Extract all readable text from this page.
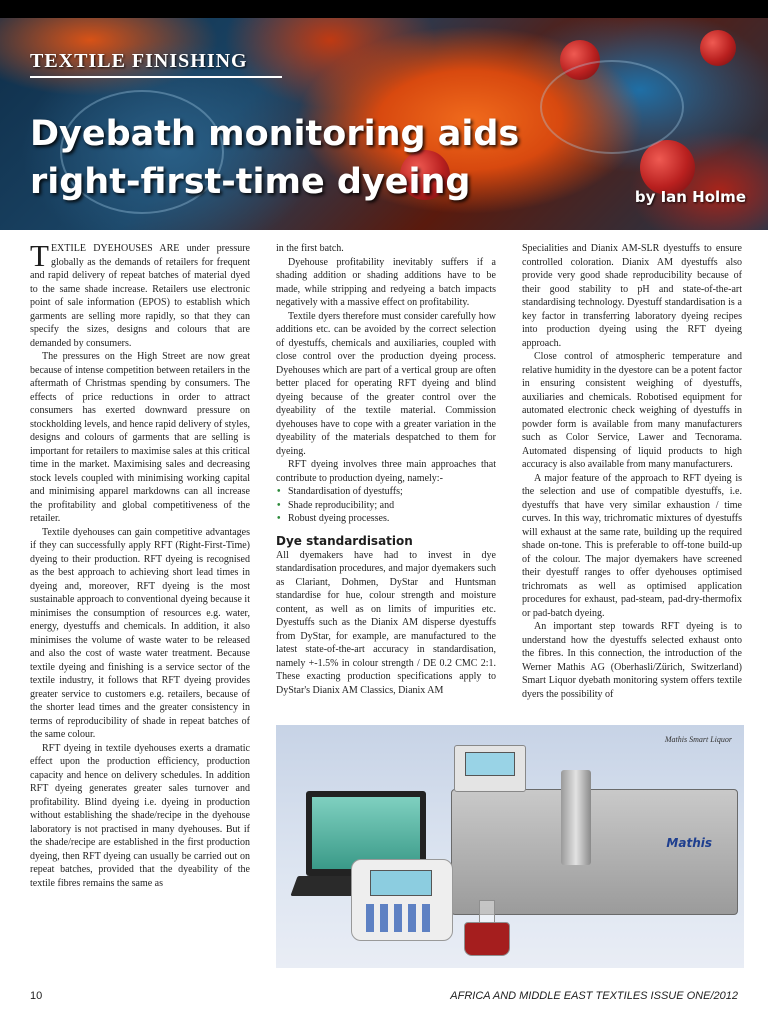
TEXTILE FINISHING
Dyebath monitoring aids
right-first-time dyeing	by Ian Holme

TEXTILE DYEHOUSES ARE under pressure globally as the demands of retailers for frequent and rapid delivery of repeat batches of material dyed to the same shade increase. Retailers use electronic point of sale information (EPOS) to establish which garments are selling more rapidly, so that they can specify the sizes, designs and colours that are demanded by consumers.

The pressures on the High Street are now great because of intense competition between retailers in the aftermath of Christmas spending by consumers. The effects of price reductions in order to attract consumers has exerted downward pressure on stockholding levels, and hence rapid delivery of styles, designs and colours of garments that are selling is important for retailers to maximise sales at this critical time in the market. Maximising sales and decreasing stock levels coupled with minimising working capital and minimising apparel markdowns can all increase the profitability and global competitiveness of the retailer.

Textile dyehouses can gain competitive advantages if they can successfully apply RFT (Right-First-Time) dyeing to their production. RFT dyeing is recognised as the best approach to achieving short lead times in dyeing and, moreover, RFT dyeing is the most sustainable approach to conventional dyeing because it minimises the consumption of resources e.g. water, energy, dyestuffs and chemicals. In addition, it also minimises the volume of waste water to be released and also the cost of waste water treatment. Because textile dyeing and finishing is a service sector of the textile industry, it follows that RFT dyeing provides greater service to customers e.g. retailers, because of the shorter lead times and the greater consistency in terms of reproducibility of shade in repeat batches of the same colour.

RFT dyeing in textile dyehouses exerts a dramatic effect upon the production efficiency, production capacity and hence on delivery schedules. In addition RFT dyeing generates greater sales turnover and profitability. Blind dyeing i.e. dyeing in production without establishing the shade/recipe in the dyehouse laboratory is not practised in many dyehouses. But if the shade/recipe are established in the first production dyeing, then RFT dyeing can usually be carried out on repeat batches, provided that the dyeability of the textile fibres remains the same as

in the first batch.

Dyehouse profitability inevitably suffers if a shading addition or shading additions have to be made, while stripping and redyeing a batch impacts negatively with a massive effect on profitability.

Textile dyers therefore must consider carefully how additions etc. can be avoided by the correct selection of dyestuffs, chemicals and auxiliaries, coupled with close control over the production dyeing process. Dyehouses which are part of a vertical group are often better placed for operating RFT dyeing and blind dyeing because of the greater control over the dyeability of the textile material. Commission dyehouses have to cope with a greater variation in the dyeability of the materials despatched to them for dyeing.

RFT dyeing involves three main approaches that contribute to production dyeing, namely:-

• Standardisation of dyestuffs;
• Shade reproducibility; and
• Robust dyeing processes.
Dye standardisation

All dyemakers have had to invest in dye standardisation procedures, and major dyemakers such as Clariant, Dohmen, DyStar and Huntsman standardise for hue, colour strength and moisture content, as well as on limits of impurities etc. Dyestuffs such as the Dianix AM disperse dyestuffs from DyStar, for example, are manufactured to the latest state-of-the-art accuracy in standardisation, namely +-1.5% in colour strength / DE 0.2 CMC 2:1. These exacting production specifications apply to DyStar's Dianix AM Classics, Dianix AM

Specialities and Dianix AM-SLR dyestuffs to ensure controlled coloration. Dianix AM dyestuffs also provide very good shade reproducibility because of their good stability to pH and state-of-the-art standardising technology. Dyestuff standardisation is a key factor in transferring laboratory dyeing recipes into production dyeing using the RFT dyeing approach.

Close control of atmospheric temperature and relative humidity in the dyestore can be a potent factor in ensuring consistent weighing of dyestuffs, auxiliaries and chemicals. Robotised equipment for automated electronic check weighing of dyestuffs in powder form is available from many manufacturers such as Color Service, Lawer and Tecnorama. Automated dispensing of liquid products to high accuracy is also available from many manufacturers.

A major feature of the approach to RFT dyeing is the selection and use of compatible dyestuffs, i.e. dyestuffs that have very similar exhaustion / time curves. In this way, trichromatic mixtures of dyestuffs will exhaust at the same rate, building up the required shade on-tone. This is preferable to off-tone build-up of the colour. The major dyemakers have screened their dyestuff ranges to offer dyehouses optimised trichromats as well as optimised application procedures for exhaust, pad-steam, pad-dry-thermofix or pad-batch dyeing.

An important step towards RFT dyeing is to understand how the dyestuffs selected exhaust onto the fibres. In this connection, the introduction of the Werner Mathis AG (Oberhasli/Zürich, Switzerland) Smart Liquor dyebath monitoring system offers textile dyers the possibility of

Mathis Smart Liquor
Mathis
10	AFRICA AND MIDDLE EAST TEXTILES ISSUE ONE/2012
